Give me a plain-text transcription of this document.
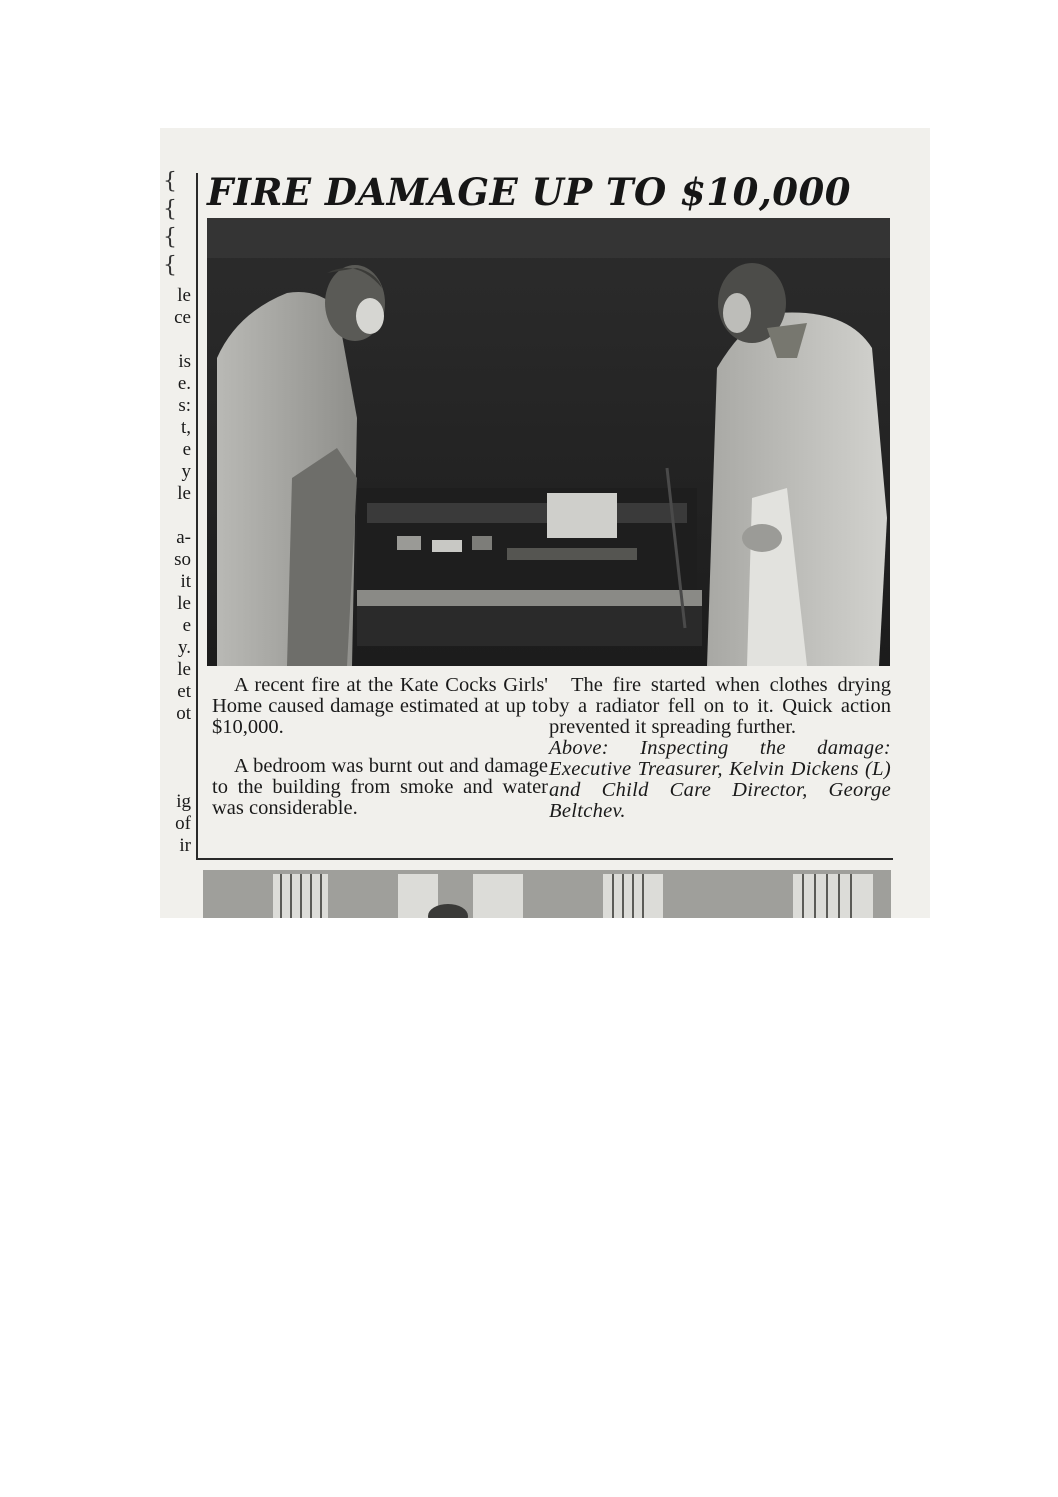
{
{
{
{
le
ce
is
e.
s:
t,
e
y
le
a-
so
it
le
e
y.
le
et
ot
ig
of
ir
FIRE DAMAGE UP TO $10,000

A recent fire at the Kate Cocks Girls' Home caused damage estimated at up to $10,000.

A bedroom was burnt out and damage to the building from smoke and water was considerable.

The fire started when clothes drying by a radiator fell on to it. Quick action prevented it spreading further.

Above: Inspecting the damage: Executive Treasurer, Kelvin Dickens (L) and Child Care Director, George Beltchev.
